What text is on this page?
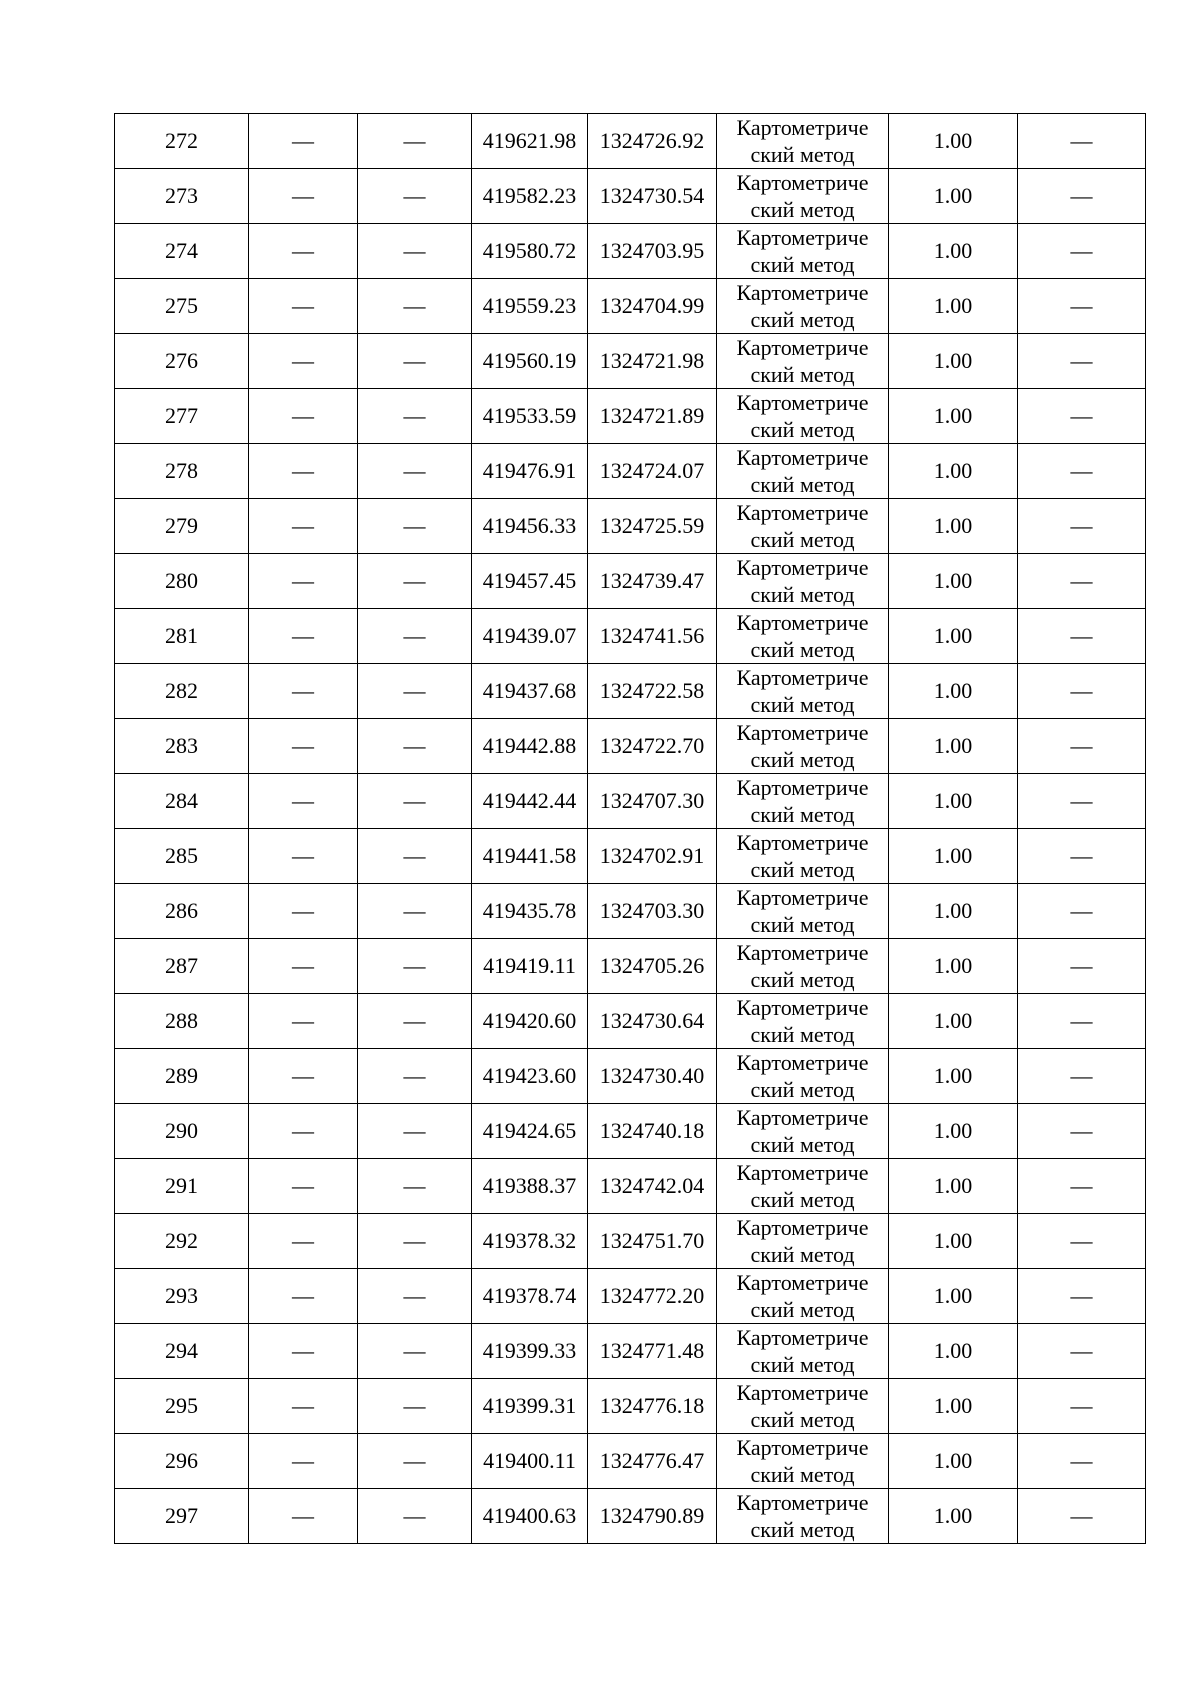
272	—	—	419621.98	1324726.92	Картометриче
ский метод	1.00	—
273	—	—	419582.23	1324730.54	Картометриче
ский метод	1.00	—
274	—	—	419580.72	1324703.95	Картометриче
ский метод	1.00	—
275	—	—	419559.23	1324704.99	Картометриче
ский метод	1.00	—
276	—	—	419560.19	1324721.98	Картометриче
ский метод	1.00	—
277	—	—	419533.59	1324721.89	Картометриче
ский метод	1.00	—
278	—	—	419476.91	1324724.07	Картометриче
ский метод	1.00	—
279	—	—	419456.33	1324725.59	Картометриче
ский метод	1.00	—
280	—	—	419457.45	1324739.47	Картометриче
ский метод	1.00	—
281	—	—	419439.07	1324741.56	Картометриче
ский метод	1.00	—
282	—	—	419437.68	1324722.58	Картометриче
ский метод	1.00	—
283	—	—	419442.88	1324722.70	Картометриче
ский метод	1.00	—
284	—	—	419442.44	1324707.30	Картометриче
ский метод	1.00	—
285	—	—	419441.58	1324702.91	Картометриче
ский метод	1.00	—
286	—	—	419435.78	1324703.30	Картометриче
ский метод	1.00	—
287	—	—	419419.11	1324705.26	Картометриче
ский метод	1.00	—
288	—	—	419420.60	1324730.64	Картометриче
ский метод	1.00	—
289	—	—	419423.60	1324730.40	Картометриче
ский метод	1.00	—
290	—	—	419424.65	1324740.18	Картометриче
ский метод	1.00	—
291	—	—	419388.37	1324742.04	Картометриче
ский метод	1.00	—
292	—	—	419378.32	1324751.70	Картометриче
ский метод	1.00	—
293	—	—	419378.74	1324772.20	Картометриче
ский метод	1.00	—
294	—	—	419399.33	1324771.48	Картометриче
ский метод	1.00	—
295	—	—	419399.31	1324776.18	Картометриче
ский метод	1.00	—
296	—	—	419400.11	1324776.47	Картометриче
ский метод	1.00	—
297	—	—	419400.63	1324790.89	Картометриче
ский метод	1.00	—
